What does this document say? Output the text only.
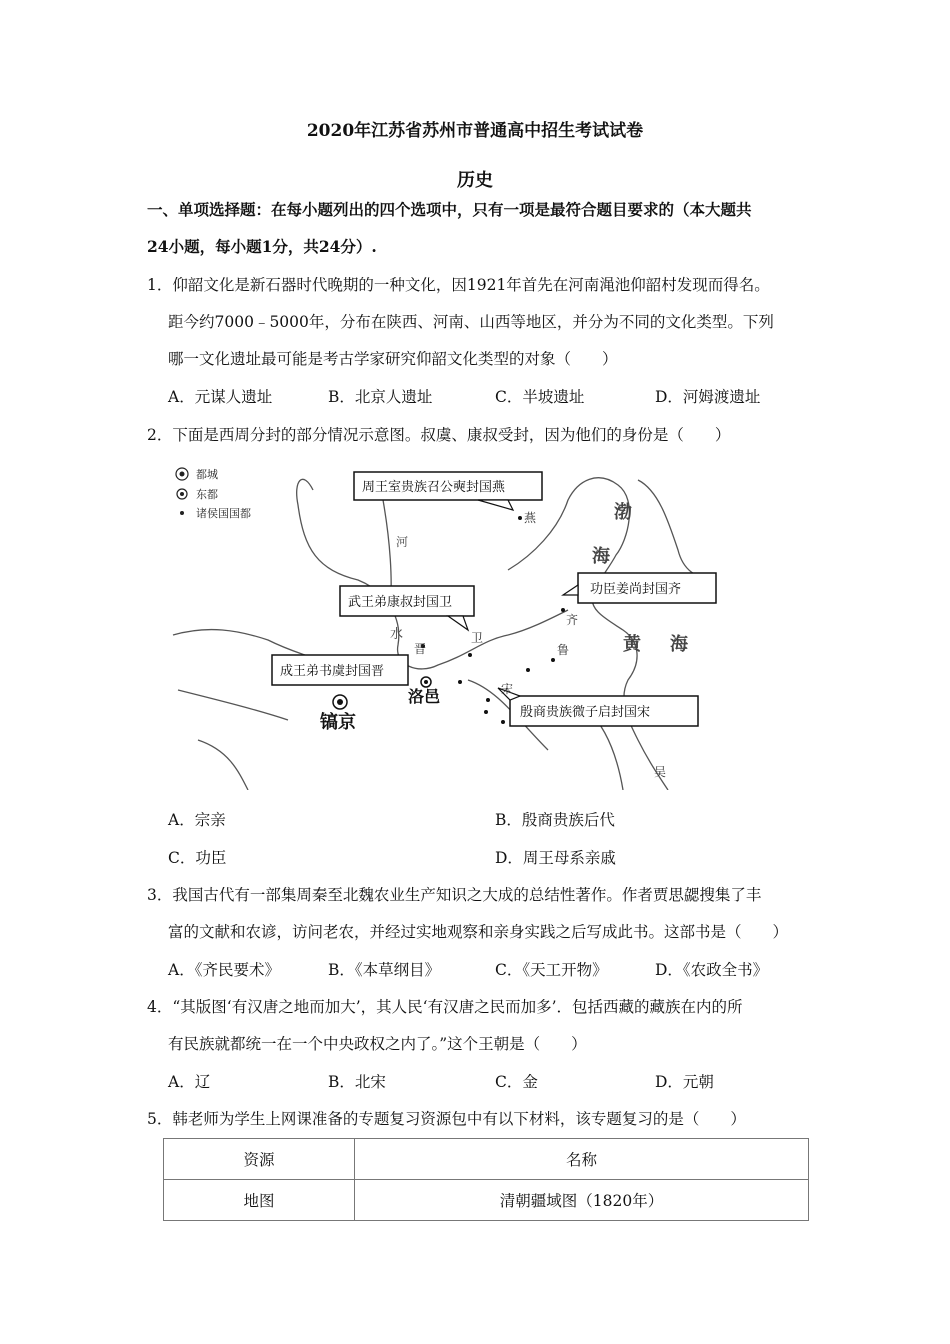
2020年江苏省苏州市普通高中招生考试试卷
历史
一、单项选择题：在每小题列出的四个选项中，只有一项是最符合题目要求的（本大题共
24小题，每小题1分，共24分）.
1．仰韶文化是新石器时代晚期的一种文化，因1921年首先在河南渑池仰韶村发现而得名。
距今约7000﹣5000年，分布在陕西、河南、山西等地区，并分为不同的文化类型。下列
哪一文化遗址最可能是考古学家研究仰韶文化类型的对象（　　）
A．元谋人遗址	B．北京人遗址	C．半坡遗址	D．河姆渡遗址
2．下面是西周分封的部分情况示意图。叔虞、康叔受封，因为他们的身份是（　　）
都城
东都
诸侯国国都
周王室贵族召公奭封国燕
武王弟康叔封国卫
功臣姜尚封国齐
成王弟书虞封国晋
殷商贵族微子启封国宋
镐京
洛邑
燕
卫
齐
鲁
宋
晋
吴
河
水
渤
海
黄 海
A．宗亲	B．殷商贵族后代
C．功臣	D．周王母系亲戚
3．我国古代有一部集周秦至北魏农业生产知识之大成的总结性著作。作者贾思勰搜集了丰
富的文献和农谚，访问老农，并经过实地观察和亲身实践之后写成此书。这部书是（　　）
A．《齐民要术》	B．《本草纲目》	C．《天工开物》	D．《农政全书》
4．“其版图‘有汉唐之地而加大’，其人民‘有汉唐之民而加多’．包括西藏的藏族在内的所
有民族就都统一在一个中央政权之内了。”这个王朝是（　　）
A．辽	B．北宋	C．金	D．元朝
5．韩老师为学生上网课准备的专题复习资源包中有以下材料，该专题复习的是（　　）
资源	名称
地图	清朝疆域图（1820年）
